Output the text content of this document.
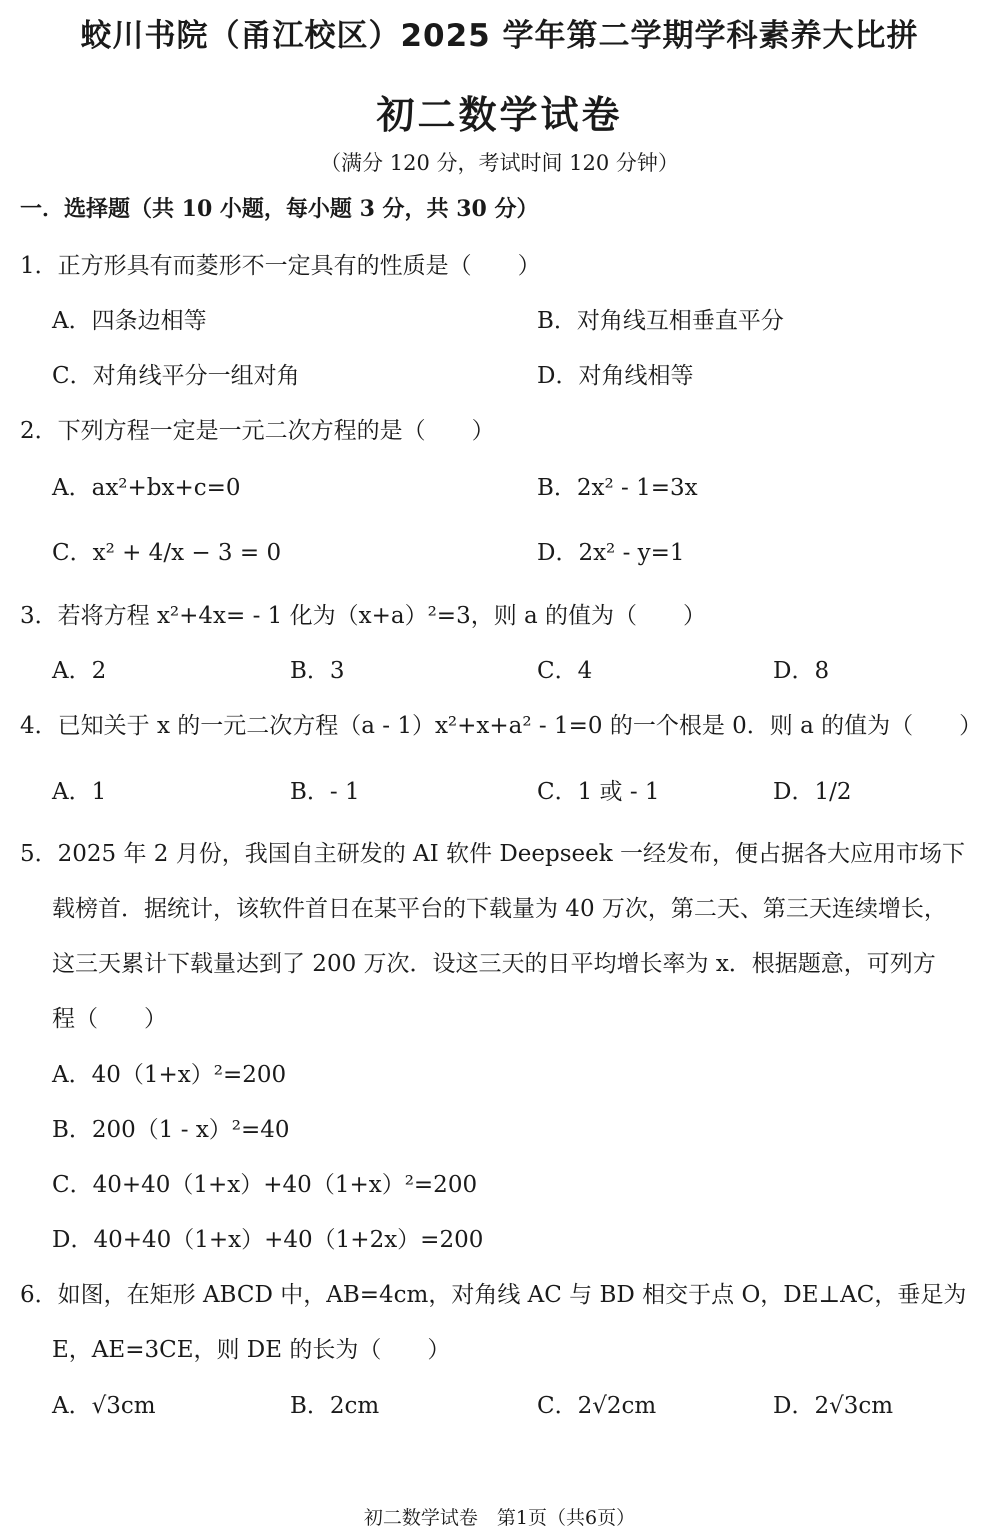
蛟川书院（甬江校区）2025 学年第二学期学科素养大比拼
初二数学试卷
（满分 120 分，考试时间 120 分钟）
一．选择题（共 10 小题，每小题 3 分，共 30 分）
1．正方形具有而菱形不一定具有的性质是（　　）
A．四条边相等	B．对角线互相垂直平分
C．对角线平分一组对角	D．对角线相等
2．下列方程一定是一元二次方程的是（　　）
A．ax²+bx+c=0	B．2x² - 1=3x
C．x² + 4/x − 3 = 0	D．2x² - y=1
3．若将方程 x²+4x= - 1 化为（x+a）²=3，则 a 的值为（　　）
A．2	B．3	C．4	D．8
4．已知关于 x 的一元二次方程（a - 1）x²+x+a² - 1=0 的一个根是 0．则 a 的值为（　　）
A．1	B．- 1	C．1 或 - 1	D．1/2
5．2025 年 2 月份，我国自主研发的 AI 软件 Deepseek 一经发布，便占据各大应用市场下
载榜首．据统计，该软件首日在某平台的下载量为 40 万次，第二天、第三天连续增长，
这三天累计下载量达到了 200 万次．设这三天的日平均增长率为 x．根据题意，可列方
程（　　）
A．40（1+x）²=200
B．200（1 - x）²=40
C．40+40（1+x）+40（1+x）²=200
D．40+40（1+x）+40（1+2x）=200
6．如图，在矩形 ABCD 中，AB=4cm，对角线 AC 与 BD 相交于点 O，DE⊥AC，垂足为
E，AE=3CE，则 DE 的长为（　　）
A．√3cm	B．2cm	C．2√2cm	D．2√3cm
初二数学试卷　第1页（共6页）
